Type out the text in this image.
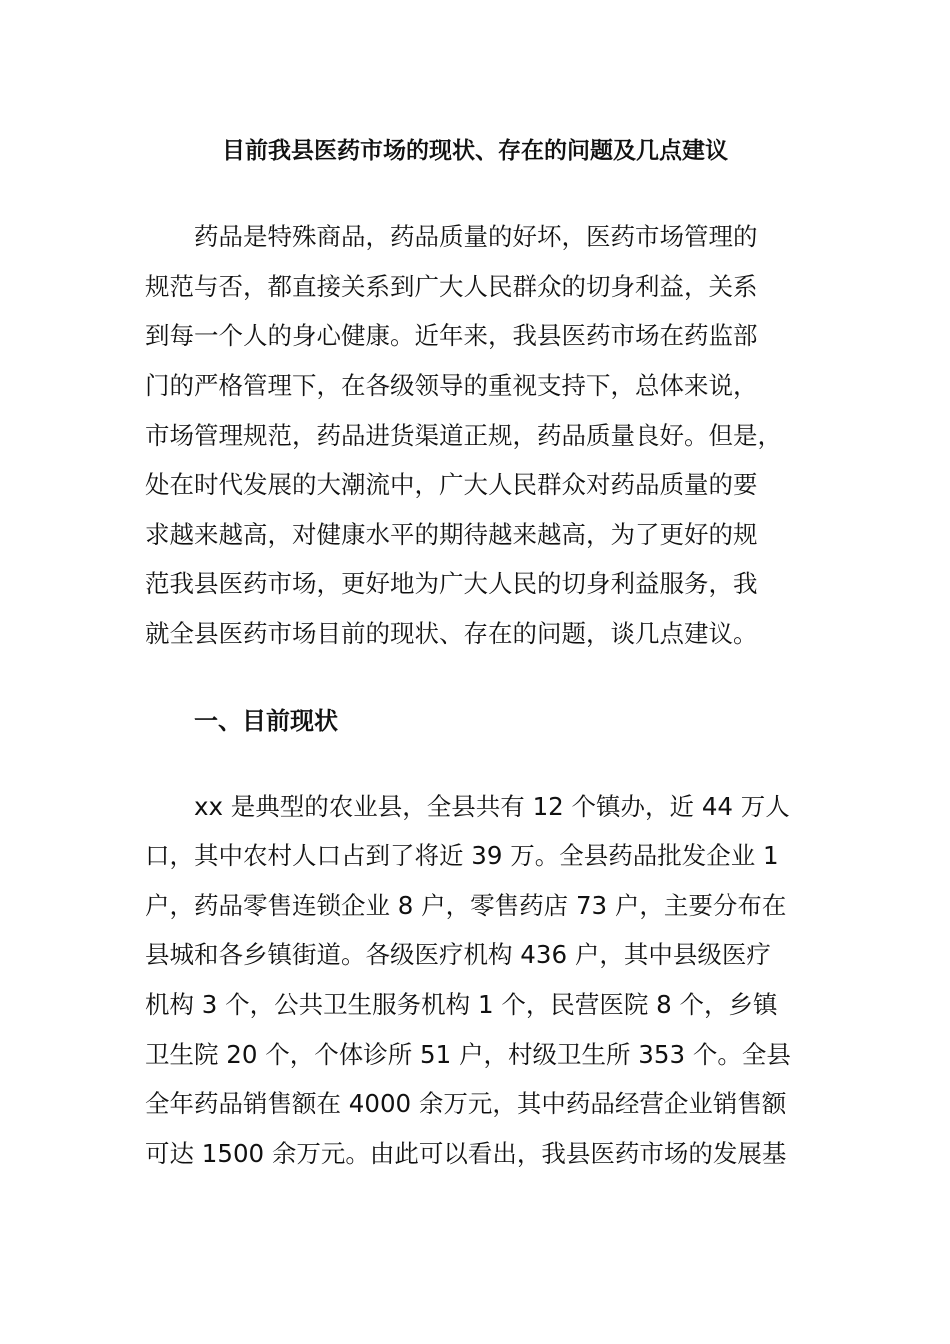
目前我县医药市场的现状、存在的问题及几点建议
药品是特殊商品，药品质量的好坏，医药市场管理的
规范与否，都直接关系到广大人民群众的切身利益，关系
到每一个人的身心健康。近年来，我县医药市场在药监部
门的严格管理下，在各级领导的重视支持下，总体来说，
市场管理规范，药品进货渠道正规，药品质量良好。但是，
处在时代发展的大潮流中，广大人民群众对药品质量的要
求越来越高，对健康水平的期待越来越高，为了更好的规
范我县医药市场，更好地为广大人民的切身利益服务，我
就全县医药市场目前的现状、存在的问题，谈几点建议。
一、目前现状
xx 是典型的农业县，全县共有 12 个镇办，近 44 万人
口，其中农村人口占到了将近 39 万。全县药品批发企业 1
户，药品零售连锁企业 8 户，零售药店 73 户，主要分布在
县城和各乡镇街道。各级医疗机构 436 户，其中县级医疗
机构 3 个，公共卫生服务机构 1 个，民营医院 8 个，乡镇
卫生院 20 个，个体诊所 51 户，村级卫生所 353 个。全县
全年药品销售额在 4000 余万元，其中药品经营企业销售额
可达 1500 余万元。由此可以看出，我县医药市场的发展基
